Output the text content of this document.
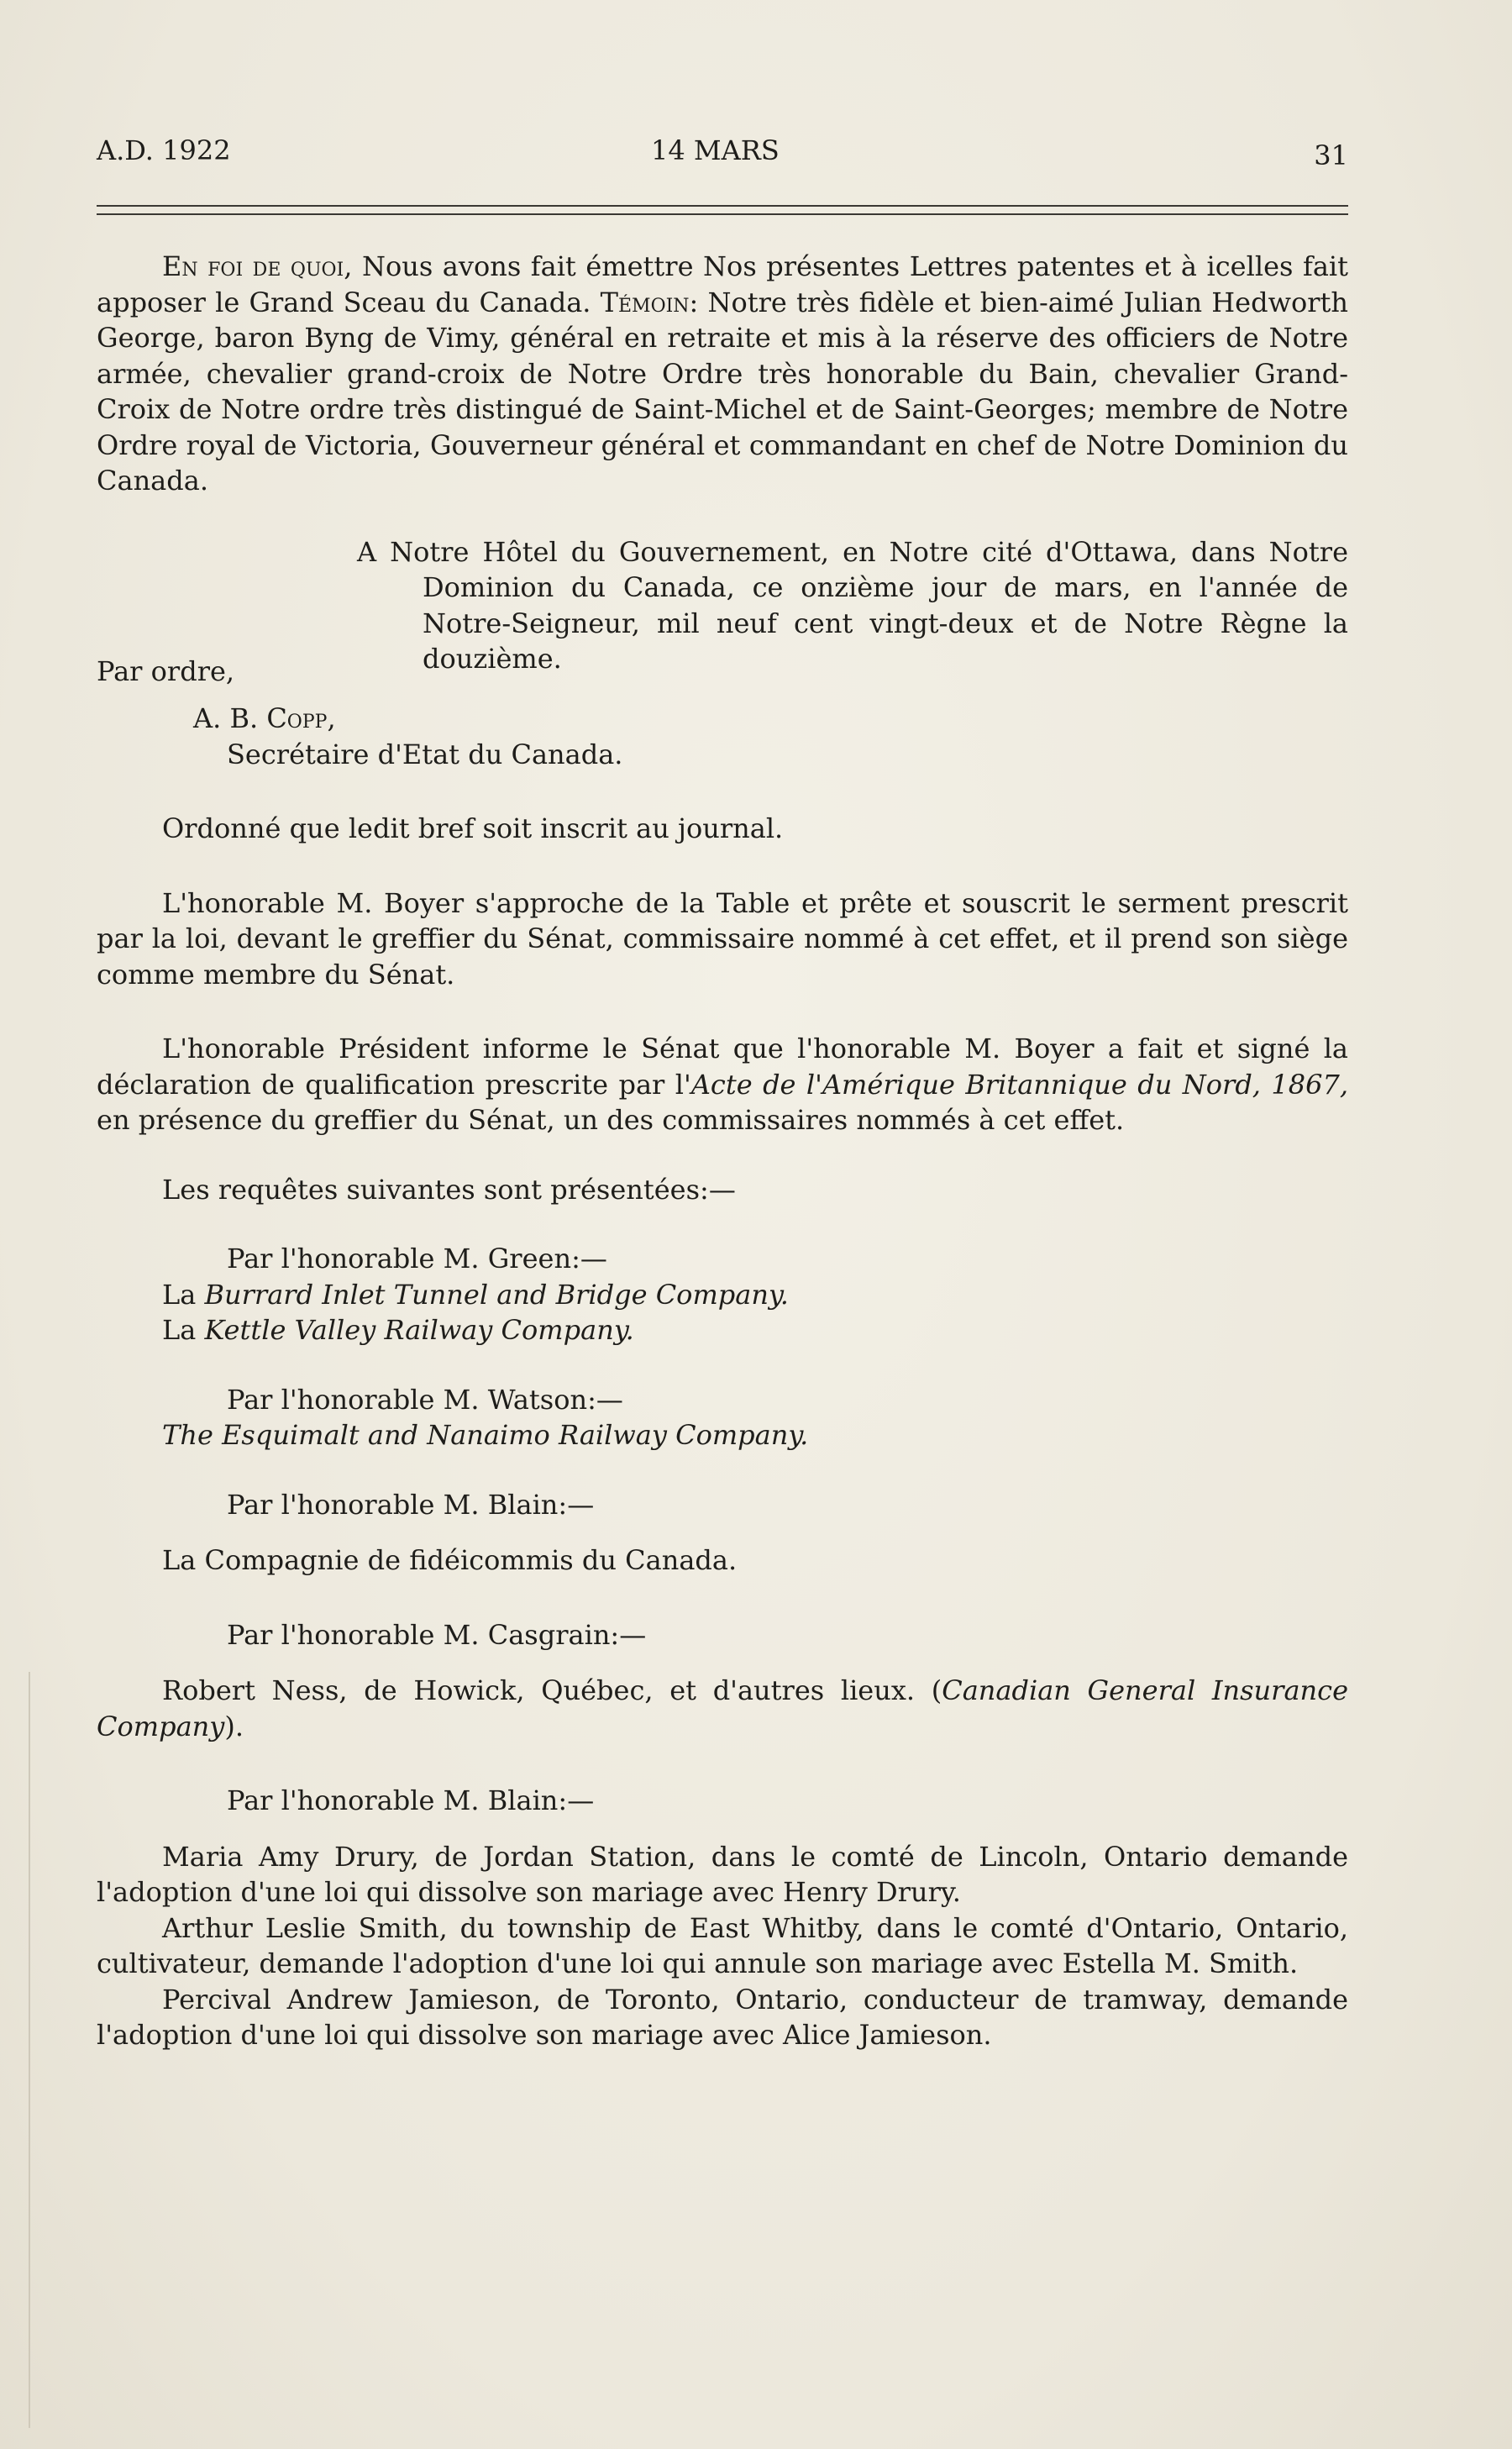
A.D. 1922	14 MARS	31

En foi de quoi, Nous avons fait émettre Nos présentes Lettres patentes et à icelles fait apposer le Grand Sceau du Canada. Témoin: Notre très fidèle et bien-aimé Julian Hedworth George, baron Byng de Vimy, général en retraite et mis à la réserve des officiers de Notre armée, chevalier grand-croix de Notre Ordre très honorable du Bain, chevalier Grand-Croix de Notre ordre très distingué de Saint-Michel et de Saint-Georges; membre de Notre Ordre royal de Victoria, Gouverneur général et commandant en chef de Notre Dominion du Canada.

A Notre Hôtel du Gouvernement, en Notre cité d'Ottawa, dans Notre Dominion du Canada, ce onzième jour de mars, en l'année de Notre-Seigneur, mil neuf cent vingt-deux et de Notre Règne la douzième.

Par ordre,

A. B. Copp,

Secrétaire d'Etat du Canada.

Ordonné que ledit bref soit inscrit au journal.

L'honorable M. Boyer s'approche de la Table et prête et souscrit le serment prescrit par la loi, devant le greffier du Sénat, commissaire nommé à cet effet, et il prend son siège comme membre du Sénat.

L'honorable Président informe le Sénat que l'honorable M. Boyer a fait et signé la déclaration de qualification prescrite par l'Acte de l'Amérique Britannique du Nord, 1867, en présence du greffier du Sénat, un des commissaires nommés à cet effet.

Les requêtes suivantes sont présentées:—

Par l'honorable M. Green:—

La Burrard Inlet Tunnel and Bridge Company.

La Kettle Valley Railway Company.

Par l'honorable M. Watson:—

The Esquimalt and Nanaimo Railway Company.

Par l'honorable M. Blain:—

La Compagnie de fidéicommis du Canada.

Par l'honorable M. Casgrain:—

Robert Ness, de Howick, Québec, et d'autres lieux. (Canadian General Insurance Company).

Par l'honorable M. Blain:—

Maria Amy Drury, de Jordan Station, dans le comté de Lincoln, Ontario demande l'adoption d'une loi qui dissolve son mariage avec Henry Drury.

Arthur Leslie Smith, du township de East Whitby, dans le comté d'Ontario, Ontario, cultivateur, demande l'adoption d'une loi qui annule son mariage avec Estella M. Smith.

Percival Andrew Jamieson, de Toronto, Ontario, conducteur de tramway, demande l'adoption d'une loi qui dissolve son mariage avec Alice Jamieson.
